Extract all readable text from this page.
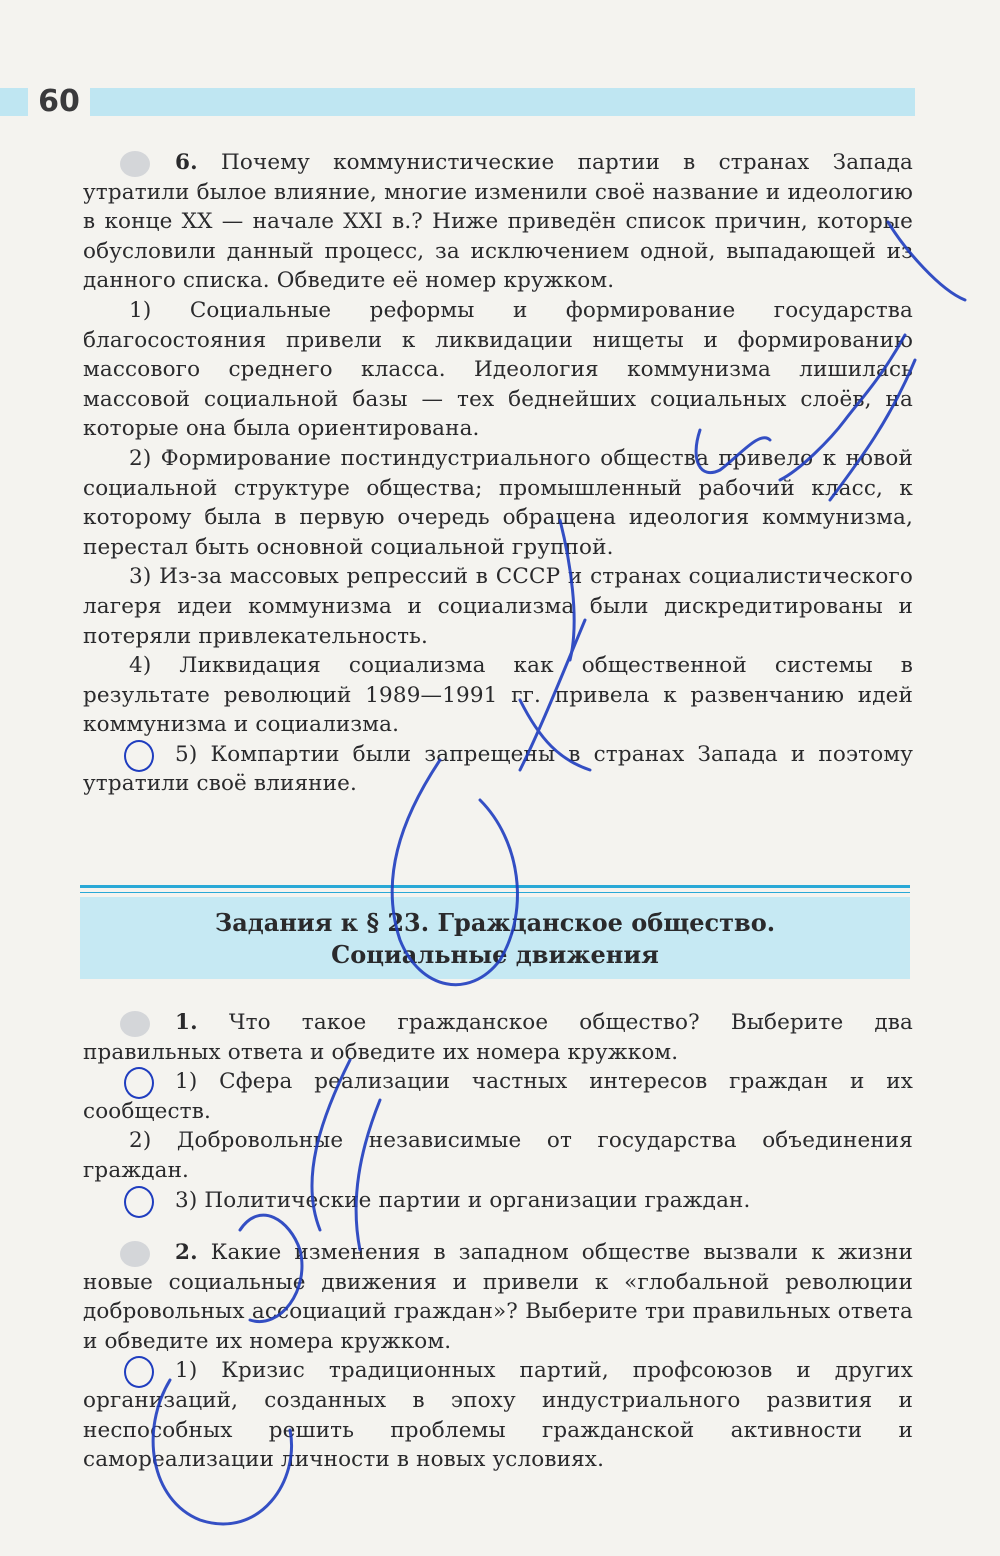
60

6. Почему коммунистические партии в странах Запада утратили былое влияние, многие изменили своё название и идеологию в конце XX — начале XXI в.? Ниже приведён список причин, которые обусловили данный процесс, за исключением одной, выпадающей из данного списка. Обведите её номер кружком.

1) Социальные реформы и формирование государства благосостояния привели к ликвидации нищеты и формированию массового среднего класса. Идеология коммунизма лишилась массовой социальной базы — тех беднейших социальных слоёв, на которые она была ориентирована.

2) Формирование постиндустриального общества привело к новой социальной структуре общества; промышленный рабочий класс, к которому была в первую очередь обращена идеология коммунизма, перестал быть основной социальной группой.

3) Из-за массовых репрессий в СССР и странах социалистического лагеря идеи коммунизма и социализма были дискредитированы и потеряли привлекательность.

4) Ликвидация социализма как общественной системы в результате революций 1989—1991 гг. привела к развенчанию идей коммунизма и социализма.

5) Компартии были запрещены в странах Запада и поэтому утратили своё влияние.

Задания к § 23. Гражданское общество.
Социальные движения

1. Что такое гражданское общество? Выберите два правильных ответа и обведите их номера кружком.

1) Сфера реализации частных интересов граждан и их сообществ.

2) Добровольные независимые от государства объединения граждан.

3) Политические партии и организации граждан.

2. Какие изменения в западном обществе вызвали к жизни новые социальные движения и привели к «глобальной революции добровольных ассоциаций граждан»? Выберите три правильных ответа и обведите их номера кружком.

1) Кризис традиционных партий, профсоюзов и других организаций, созданных в эпоху индустриального развития и неспособных решить проблемы гражданской активности и самореализации личности в новых условиях.
